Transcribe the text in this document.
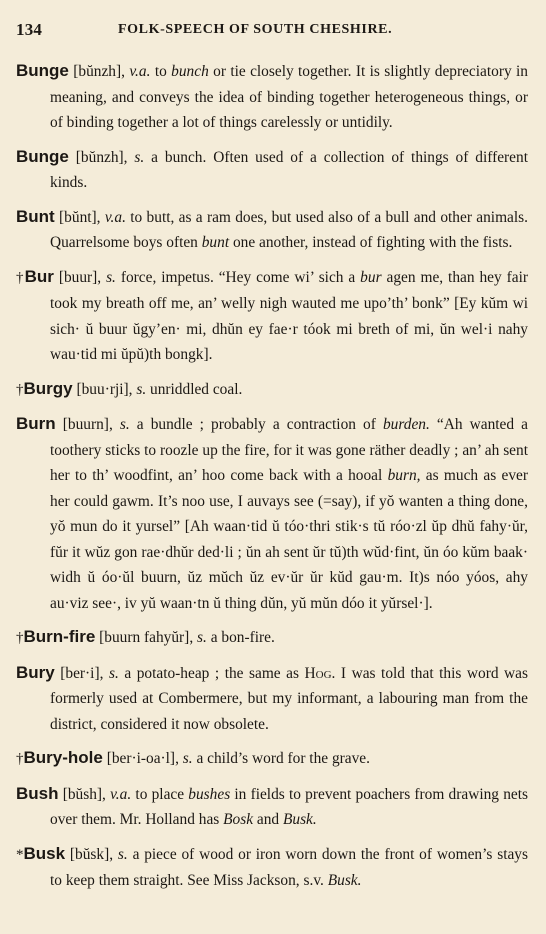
134	FOLK-SPEECH OF SOUTH CHESHIRE.

Bunge [bŭnzh], v.a. to bunch or tie closely together. It is slightly depreciatory in meaning, and conveys the idea of binding together heterogeneous things, or of binding together a lot of things carelessly or untidily.

Bunge [bŭnzh], s. a bunch. Often used of a collection of things of different kinds.

Bunt [bŭnt], v.a. to butt, as a ram does, but used also of a bull and other animals. Quarrelsome boys often bunt one another, instead of fighting with the fists.

†Bur [buur], s. force, impetus. “Hey come wi’ sich a bur agen me, than hey fair took my breath off me, an’ welly nigh wauted me upo’th’ bonk” [Ey kŭm wi sich· ŭ buur ŭgy’en· mi, dhŭn ey fae·r tóok mi breth of mi, ŭn wel·i nahy wau·tid mi ŭpŭ)th bongk].

†Burgy [buu·rji], s. unriddled coal.

Burn [buurn], s. a bundle ; probably a contraction of burden. “Ah wanted a toothery sticks to roozle up the fire, for it was gone räther deadly ; an’ ah sent her to th’ woodfint, an’ hoo come back with a hooal burn, as much as ever her could gawm. It’s noo use, I auvays see (=say), if yŏ wanten a thing done, yŏ mun do it yursel” [Ah waan·tid ŭ tóo·thri stik·s tŭ róo·zl ŭp dhŭ fahy·ŭr, fŭr it wŭz gon rae·dhŭr ded·li ; ŭn ah sent ŭr tŭ)th wŭd·fint, ŭn óo kŭm baak· widh ŭ óo·ŭl buurn, ŭz mŭch ŭz ev·ŭr ŭr kŭd gau·m. It)s nóo yóos, ahy au·viz see·, iv yŭ waan·tn ŭ thing dŭn, yŭ mŭn dóo it yŭrsel·].

†Burn-fire [buurn fahyŭr], s. a bon-fire.

Bury [ber·i], s. a potato-heap ; the same as Hog. I was told that this word was formerly used at Combermere, but my informant, a labouring man from the district, considered it now obsolete.

†Bury-hole [ber·i-oa·l], s. a child’s word for the grave.

Bush [bŭsh], v.a. to place bushes in fields to prevent poachers from drawing nets over them. Mr. Holland has Bosk and Busk.

*Busk [bŭsk], s. a piece of wood or iron worn down the front of women’s stays to keep them straight. See Miss Jackson, s.v. Busk.
